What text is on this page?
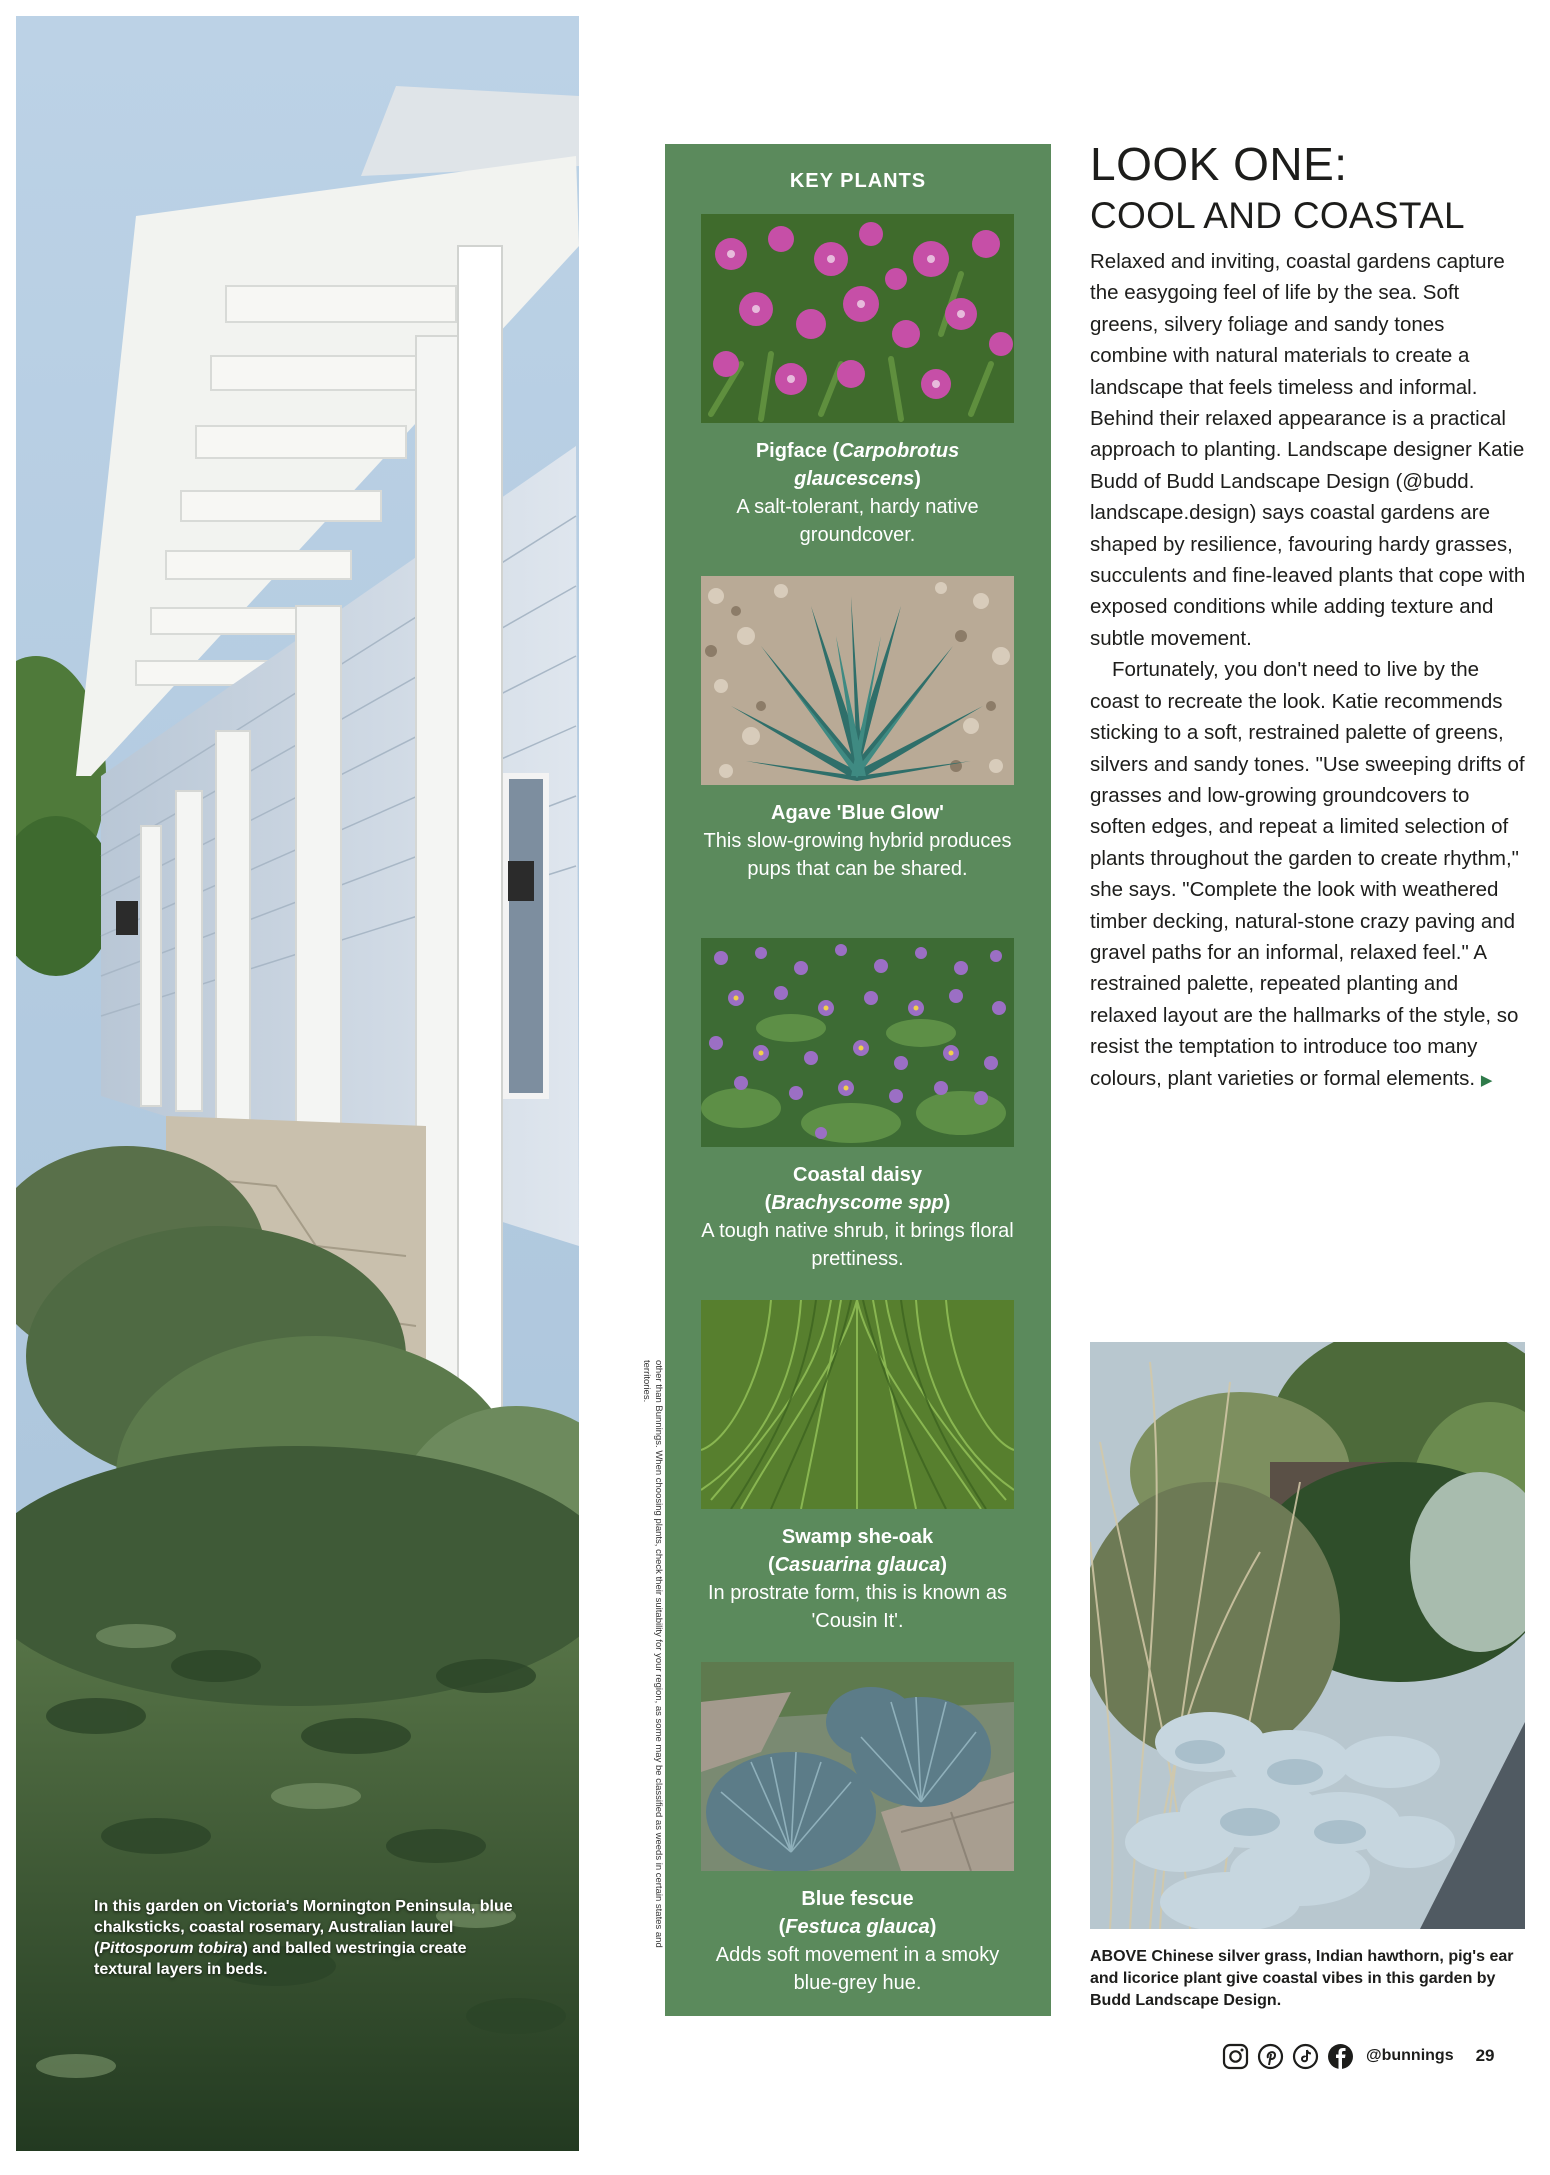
In this garden on Victoria's Mornington Peninsula, blue chalksticks, coastal rosemary, Australian laurel (Pittosporum tobira) and balled westringia create textural layers in beds.
other than Bunnings. When choosing plants, check their suitability for your region, as some may be classified as weeds in certain states and territories.
KEY PLANTS
Pigface (Carpobrotus glaucescens)
A salt-tolerant, hardy native groundcover.
Agave 'Blue Glow'
This slow-growing hybrid produces pups that can be shared.
Coastal daisy
(Brachyscome spp)
A tough native shrub, it brings floral prettiness.
Swamp she-oak
(Casuarina glauca)
In prostrate form, this is known as 'Cousin It'.
Blue fescue
(Festuca glauca)
Adds soft movement in a smoky blue-grey hue.
LOOK ONE:
COOL AND COASTAL

Relaxed and inviting, coastal gardens capture the easygoing feel of life by the sea. Soft greens, silvery foliage and sandy tones combine with natural materials to create a landscape that feels timeless and informal. Behind their relaxed appearance is a practical approach to planting. Landscape designer Katie Budd of Budd Landscape Design (@budd. landscape.design) says coastal gardens are shaped by resilience, favouring hardy grasses, succulents and fine-leaved plants that cope with exposed conditions while adding texture and subtle movement.

Fortunately, you don't need to live by the coast to recreate the look. Katie recommends sticking to a soft, restrained palette of greens, silvers and sandy tones. "Use sweeping drifts of grasses and low-growing groundcovers to soften edges, and repeat a limited selection of plants throughout the garden to create rhythm," she says. "Complete the look with weathered timber decking, natural-stone crazy paving and gravel paths for an informal, relaxed feel." A restrained palette, repeated planting and relaxed layout are the hallmarks of the style, so resist the temptation to introduce too many colours, plant varieties or formal elements. ▶

ABOVE Chinese silver grass, Indian hawthorn, pig's ear and licorice plant give coastal vibes in this garden by Budd Landscape Design.
@bunnings 29
